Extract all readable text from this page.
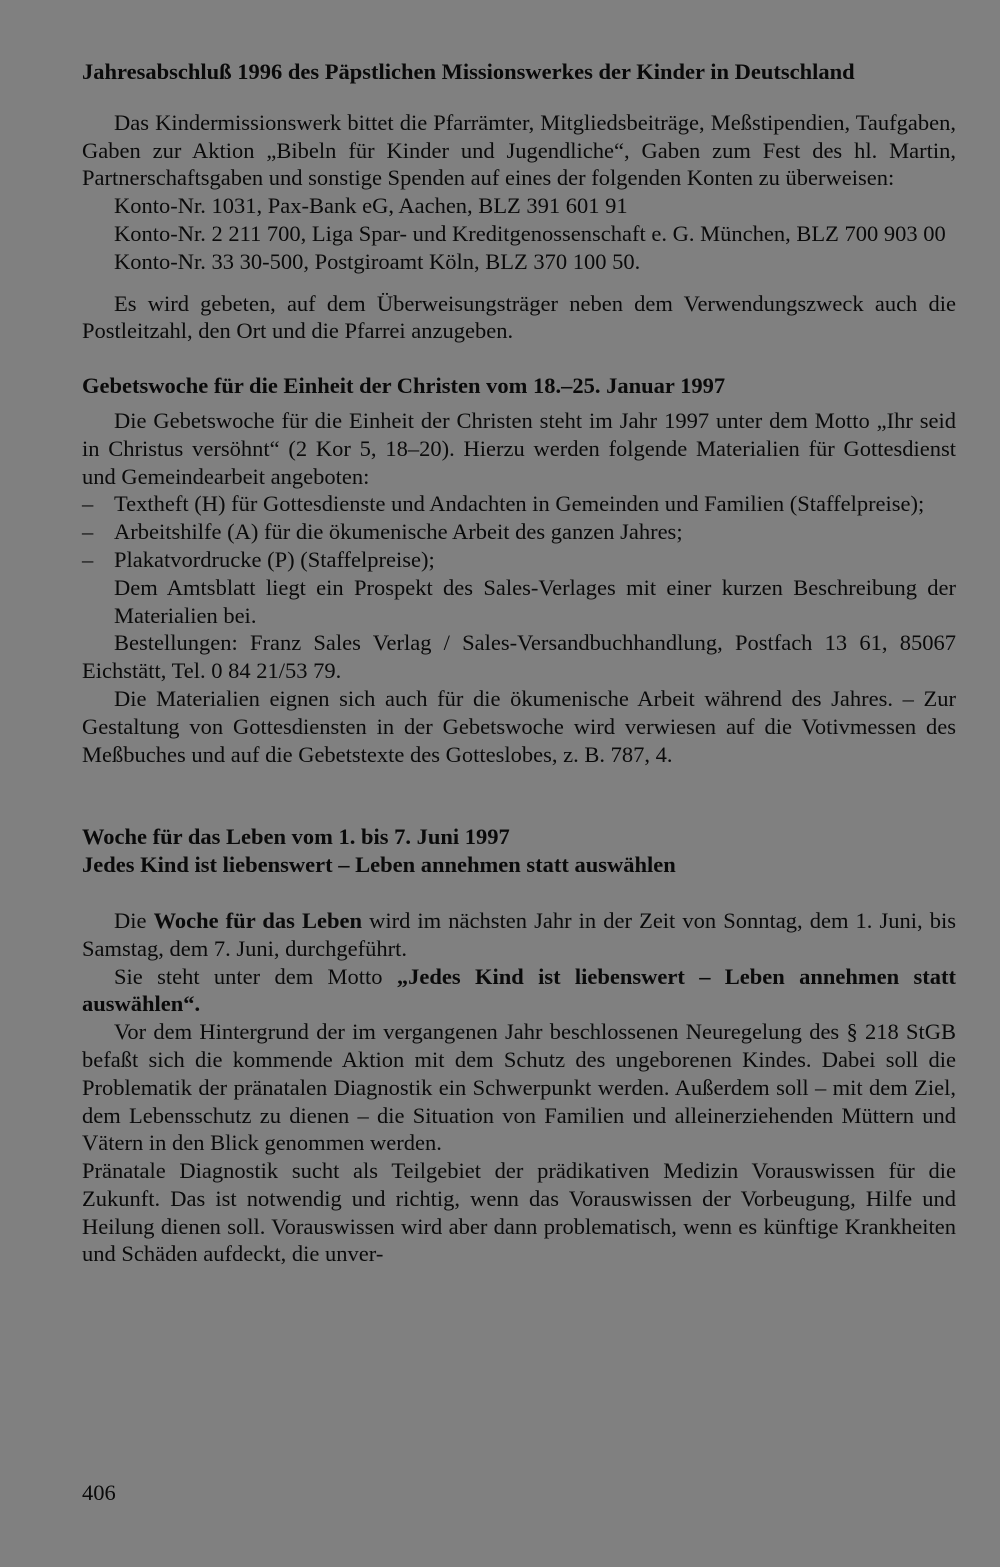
Jahresabschluß 1996 des Päpstlichen Missionswerkes der Kinder in Deutschland

Das Kindermissionswerk bittet die Pfarrämter, Mitgliedsbeiträge, Meßstipendien, Taufgaben, Gaben zur Aktion „Bibeln für Kinder und Jugendliche“, Gaben zum Fest des hl. Martin, Partnerschaftsgaben und sonstige Spenden auf eines der folgenden Konten zu überweisen:

Konto-Nr. 1031, Pax-Bank eG, Aachen, BLZ 391 601 91

Konto-Nr. 2 211 700, Liga Spar- und Kreditgenossenschaft e. G. München, BLZ 700 903 00

Konto-Nr. 33 30-500, Postgiroamt Köln, BLZ 370 100 50.

Es wird gebeten, auf dem Überweisungsträger neben dem Verwendungszweck auch die Postleitzahl, den Ort und die Pfarrei anzugeben.

Gebetswoche für die Einheit der Christen vom 18.–25. Januar 1997

Die Gebetswoche für die Einheit der Christen steht im Jahr 1997 unter dem Motto „Ihr seid in Christus versöhnt“ (2 Kor 5, 18–20). Hierzu werden folgende Materialien für Gottesdienst und Gemeindearbeit angeboten:

– Textheft (H) für Gottesdienste und Andachten in Gemeinden und Familien (Staffelpreise);
– Arbeitshilfe (A) für die ökumenische Arbeit des ganzen Jahres;
– Plakatvordrucke (P) (Staffelpreise);

Dem Amtsblatt liegt ein Prospekt des Sales-Verlages mit einer kurzen Beschreibung der Materialien bei.

Bestellungen: Franz Sales Verlag / Sales-Versandbuchhandlung, Postfach 13 61, 85067 Eichstätt, Tel. 0 84 21/53 79.

Die Materialien eignen sich auch für die ökumenische Arbeit während des Jahres. – Zur Gestaltung von Gottesdiensten in der Gebetswoche wird verwiesen auf die Votivmessen des Meßbuches und auf die Gebetstexte des Gotteslobes, z. B. 787, 4.

Woche für das Leben vom 1. bis 7. Juni 1997

Jedes Kind ist liebenswert – Leben annehmen statt auswählen

Die Woche für das Leben wird im nächsten Jahr in der Zeit von Sonntag, dem 1. Juni, bis Samstag, dem 7. Juni, durchgeführt.

Sie steht unter dem Motto „Jedes Kind ist liebenswert – Leben annehmen statt auswählen“.

Vor dem Hintergrund der im vergangenen Jahr beschlossenen Neuregelung des § 218 StGB befaßt sich die kommende Aktion mit dem Schutz des ungeborenen Kindes. Dabei soll die Problematik der pränatalen Diagnostik ein Schwerpunkt werden. Außerdem soll – mit dem Ziel, dem Lebensschutz zu dienen – die Situation von Familien und alleinerziehenden Müttern und Vätern in den Blick genommen werden.

Pränatale Diagnostik sucht als Teilgebiet der prädikativen Medizin Vorauswissen für die Zukunft. Das ist notwendig und richtig, wenn das Vorauswissen der Vorbeugung, Hilfe und Heilung dienen soll. Vorauswissen wird aber dann problematisch, wenn es künftige Krankheiten und Schäden aufdeckt, die unver-

406
